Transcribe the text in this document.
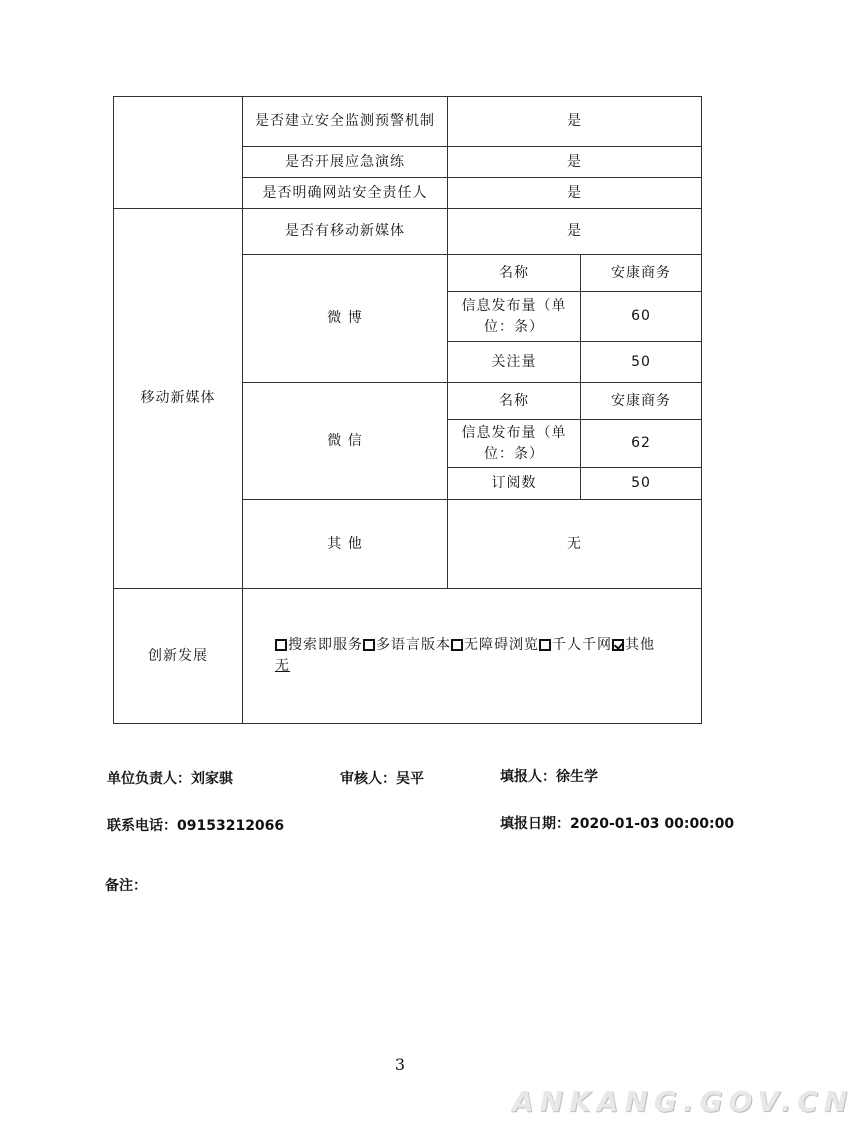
	是否建立安全监测预警机制	是	
	是否开展应急演练	是	
	是否明确网站安全责任人	是	
移动新媒体	是否有移动新媒体	是	
	微 博	名称	安康商务
		信息发布量（单位：条）	60
		关注量	50
	微 信	名称	安康商务
		信息发布量（单位：条）	62
		订阅数	50
	其 他	无	
创新发展	搜索即服务 多语言版本 无障碍浏览 千人千网 其他
无		
单位负责人：刘家骐	审核人：吴平	填报人：徐生学
联系电话：09153212066	填报日期：2020-01-03 00:00:00
备注：
3
ANKANG.GOV.CN
